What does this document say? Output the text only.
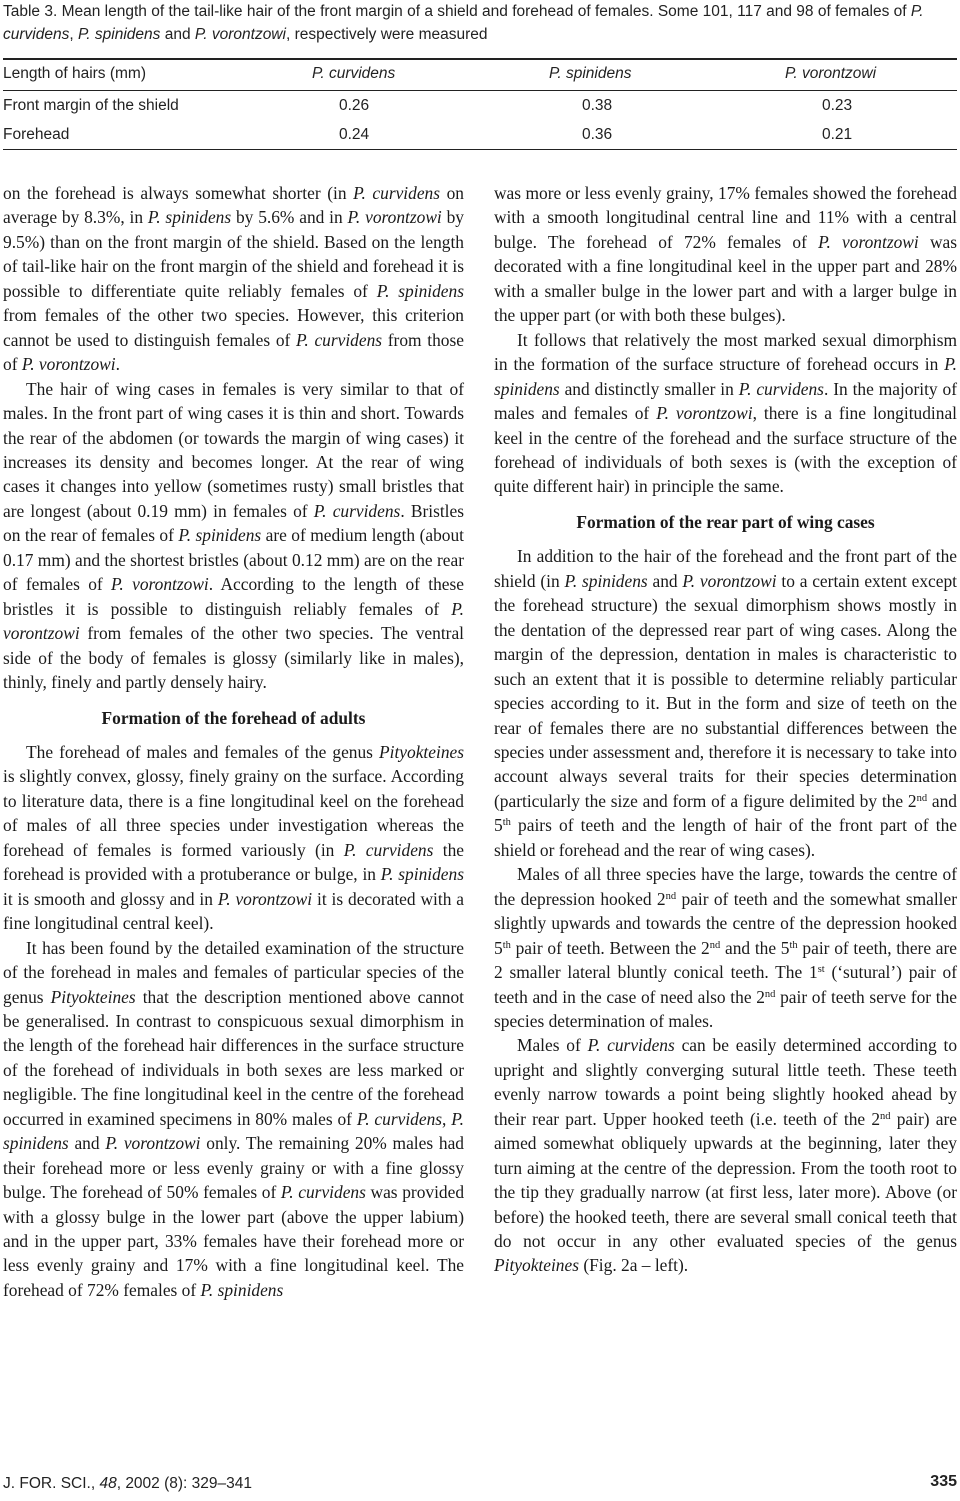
Table 3. Mean length of the tail-like hair of the front margin of a shield and forehead of females. Some 101, 117 and 98 of females of P. curvidens, P. spinidens and P. vorontzowi, respectively were measured
Length of hairs (mm)	P. curvidens	P. spinidens	P. vorontzowi
Front margin of the shield	0.26	0.38	0.23
Forehead	0.24	0.36	0.21

on the forehead is always somewhat shorter (in P. curvidens on average by 8.3%, in P. spinidens by 5.6% and in P. vorontzowi by 9.5%) than on the front margin of the shield. Based on the length of tail-like hair on the front margin of the shield and forehead it is possible to differentiate quite reliably females of P. spinidens from females of the other two species. However, this criterion cannot be used to distinguish females of P. curvidens from those of P. vorontzowi.

The hair of wing cases in females is very similar to that of males. In the front part of wing cases it is thin and short. Towards the rear of the abdomen (or towards the margin of wing cases) it increases its density and becomes longer. At the rear of wing cases it changes into yellow (sometimes rusty) small bristles that are longest (about 0.19 mm) in females of P. curvidens. Bristles on the rear of females of P. spinidens are of medium length (about 0.17 mm) and the shortest bristles (about 0.12 mm) are on the rear of females of P. vorontzowi. According to the length of these bristles it is possible to distinguish reliably females of P. vorontzowi from females of the other two species. The ventral side of the body of females is glossy (similarly like in males), thinly, finely and partly densely hairy.

Formation of the forehead of adults

The forehead of males and females of the genus Pityokteines is slightly convex, glossy, finely grainy on the surface. According to literature data, there is a fine longitudinal keel on the forehead of males of all three species under investigation whereas the forehead of females is formed variously (in P. curvidens the forehead is provided with a protuberance or bulge, in P. spinidens it is smooth and glossy and in P. vorontzowi it is decorated with a fine longitudinal central keel).

It has been found by the detailed examination of the structure of the forehead in males and females of particular species of the genus Pityokteines that the description mentioned above cannot be generalised. In contrast to conspicuous sexual dimorphism in the length of the forehead hair differences in the surface structure of the forehead of individuals in both sexes are less marked or negligible. The fine longitudinal keel in the centre of the forehead occurred in examined specimens in 80% males of P. curvidens, P. spinidens and P. vorontzowi only. The remaining 20% males had their forehead more or less evenly grainy or with a fine glossy bulge. The forehead of 50% females of P. curvidens was provided with a glossy bulge in the lower part (above the upper labium) and in the upper part, 33% females have their forehead more or less evenly grainy and 17% with a fine longitudinal keel. The forehead of 72% females of P. spinidens

was more or less evenly grainy, 17% females showed the forehead with a smooth longitudinal central line and 11% with a central bulge. The forehead of 72% females of P. vorontzowi was decorated with a fine longitudinal keel in the upper part and 28% with a smaller bulge in the lower part and with a larger bulge in the upper part (or with both these bulges).

It follows that relatively the most marked sexual dimorphism in the formation of the surface structure of forehead occurs in P. spinidens and distinctly smaller in P. curvidens. In the majority of males and females of P. vorontzowi, there is a fine longitudinal keel in the centre of the forehead and the surface structure of the forehead of individuals of both sexes is (with the exception of quite different hair) in principle the same.

Formation of the rear part of wing cases

In addition to the hair of the forehead and the front part of the shield (in P. spinidens and P. vorontzowi to a certain extent except the forehead structure) the sexual dimorphism shows mostly in the dentation of the depressed rear part of wing cases. Along the margin of the depression, dentation in males is characteristic to such an extent that it is possible to determine reliably particular species according to it. But in the form and size of teeth on the rear of females there are no substantial differences between the species under assessment and, therefore it is necessary to take into account always several traits for their species determination (particularly the size and form of a figure delimited by the 2nd and 5th pairs of teeth and the length of hair of the front part of the shield or forehead and the rear of wing cases).

Males of all three species have the large, towards the centre of the depression hooked 2nd pair of teeth and the somewhat smaller slightly upwards and towards the centre of the depression hooked 5th pair of teeth. Between the 2nd and the 5th pair of teeth, there are 2 smaller lateral bluntly conical teeth. The 1st (‘sutural’) pair of teeth and in the case of need also the 2nd pair of teeth serve for the species determination of males.

Males of P. curvidens can be easily determined according to upright and slightly converging sutural little teeth. These teeth evenly narrow towards a point being slightly hooked ahead by their rear part. Upper hooked teeth (i.e. teeth of the 2nd pair) are aimed somewhat obliquely upwards at the beginning, later they turn aiming at the centre of the depression. From the tooth root to the tip they gradually narrow (at first less, later more). Above (or before) the hooked teeth, there are several small conical teeth that do not occur in any other evaluated species of the genus Pityokteines (Fig. 2a – left).

J. FOR. SCI., 48, 2002 (8): 329–341	335
